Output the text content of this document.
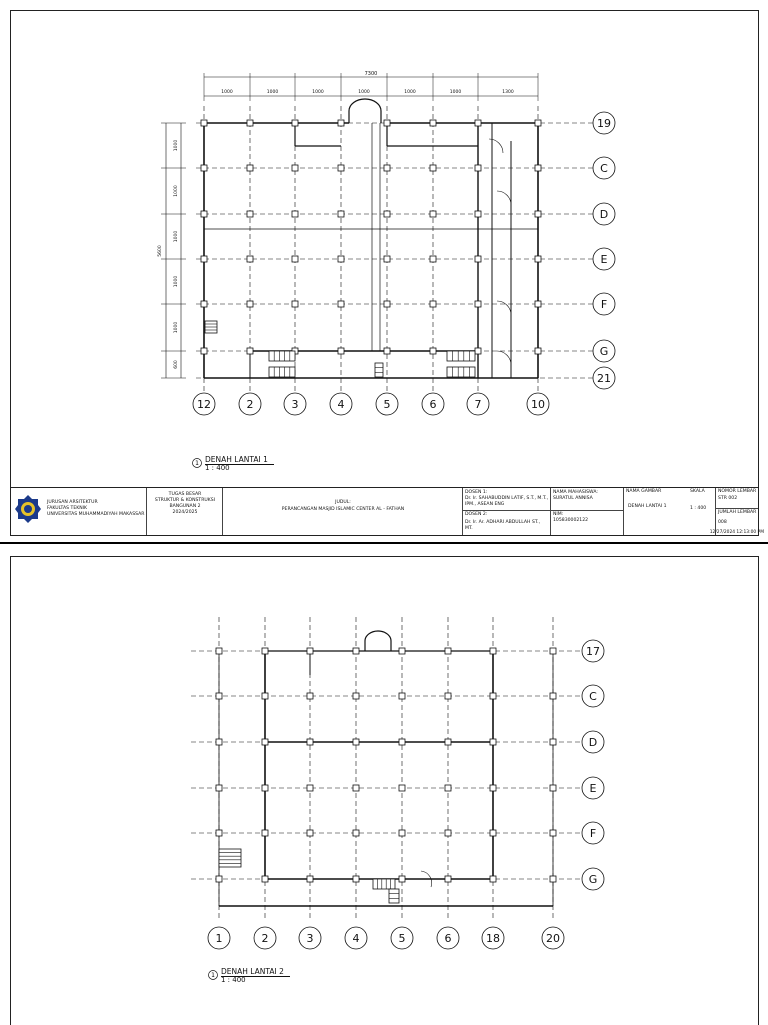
7300
1000	1000	1000	1000	1000	1000	1300
5600
1000
1000
1000
1000
1000
600
12	2	3	4	5	6	7	10
19
C
D
E
F
G
21
1 DENAH LANTAI 1
1 : 400
JURUSAN ARSITEKTUR
FAKULTAS TEKNIK
UNIVERSITAS MUHAMMADIYAH MAKASSAR
TUGAS BESAR
STRUKTUR & KONSTRUKSI
BANGUNAN 2
2024/2025
JUDUL:
PERANCANGAN MASJID ISLAMIC CENTER AL - FATHAN
DOSEN 1:
Dr. Ir. SAHABUDDIN LATIF, S.T., M.T., IPM., ASEAN ENG
DOSEN 2:
Dr. Ir. Ar. ADHARI ABDULLAH ST., MT.
NAMA MAHASISWA:
SURATUL ANNISA
NIM:
105830002122
NAMA GAMBAR	SKALA
DENAH LANTAI 1	1 : 400
NOMOR LEMBAR
STR 002
JUMLAH LEMBAR
008
12/27/2024 12:13:00 PM
1	2	3	4	5	6	18	20
17
C
D
E
F
G
1 DENAH LANTAI 2
1 : 400
